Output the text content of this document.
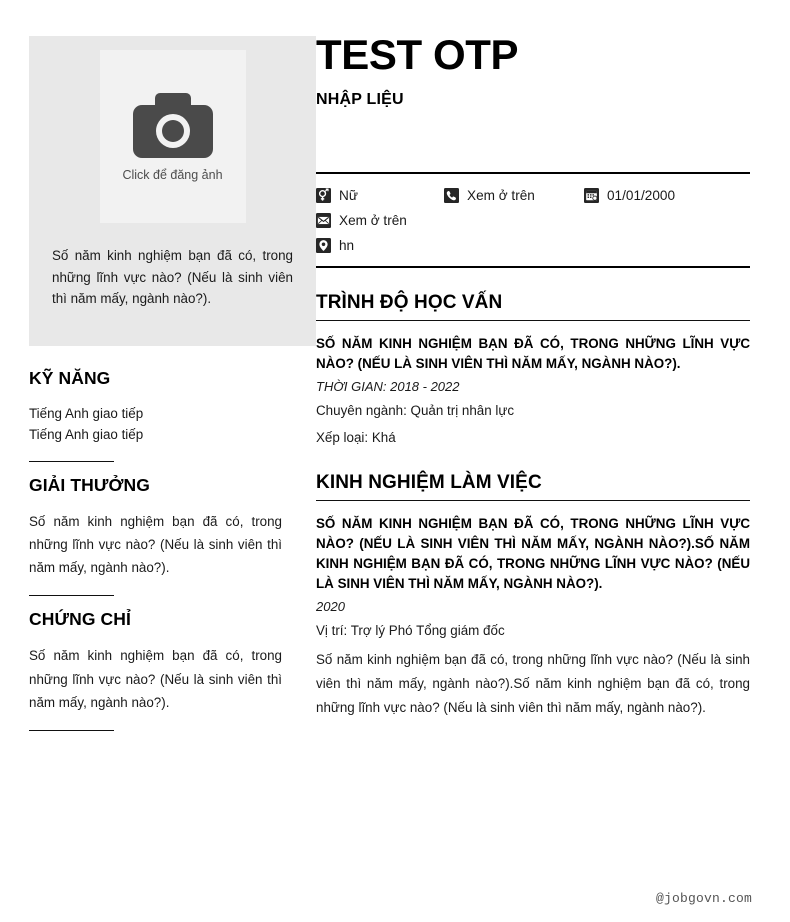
Click để đăng ảnh

Số năm kinh nghiệm bạn đã có, trong những lĩnh vực nào? (Nếu là sinh viên thì năm mấy, ngành nào?).

KỸ NĂNG

Tiếng Anh giao tiếp

Tiếng Anh giao tiếp

GIẢI THƯỞNG

Số năm kinh nghiệm bạn đã có, trong những lĩnh vực nào? (Nếu là sinh viên thì năm mấy, ngành nào?).

CHỨNG CHỈ

Số năm kinh nghiệm bạn đã có, trong những lĩnh vực nào? (Nếu là sinh viên thì năm mấy, ngành nào?).

TEST OTP
NHẬP LIỆU
Nữ	Xem ở trên	01/01/2000
Xem ở trên
hn
TRÌNH ĐỘ HỌC VẤN

SỐ NĂM KINH NGHIỆM BẠN ĐÃ CÓ, TRONG NHỮNG LĨNH VỰC NÀO? (NẾU LÀ SINH VIÊN THÌ NĂM MẤY, NGÀNH NÀO?).

THỜI GIAN: 2018 - 2022

Chuyên ngành: Quản trị nhân lực

Xếp loại: Khá

KINH NGHIỆM LÀM VIỆC

SỐ NĂM KINH NGHIỆM BẠN ĐÃ CÓ, TRONG NHỮNG LĨNH VỰC NÀO? (NẾU LÀ SINH VIÊN THÌ NĂM MẤY, NGÀNH NÀO?).SỐ NĂM KINH NGHIỆM BẠN ĐÃ CÓ, TRONG NHỮNG LĨNH VỰC NÀO? (NẾU LÀ SINH VIÊN THÌ NĂM MẤY, NGÀNH NÀO?).

2020

Vị trí: Trợ lý Phó Tổng giám đốc

Số năm kinh nghiệm bạn đã có, trong những lĩnh vực nào? (Nếu là sinh viên thì năm mấy, ngành nào?).Số năm kinh nghiệm bạn đã có, trong những lĩnh vực nào? (Nếu là sinh viên thì năm mấy, ngành nào?).

@jobgovn.com
